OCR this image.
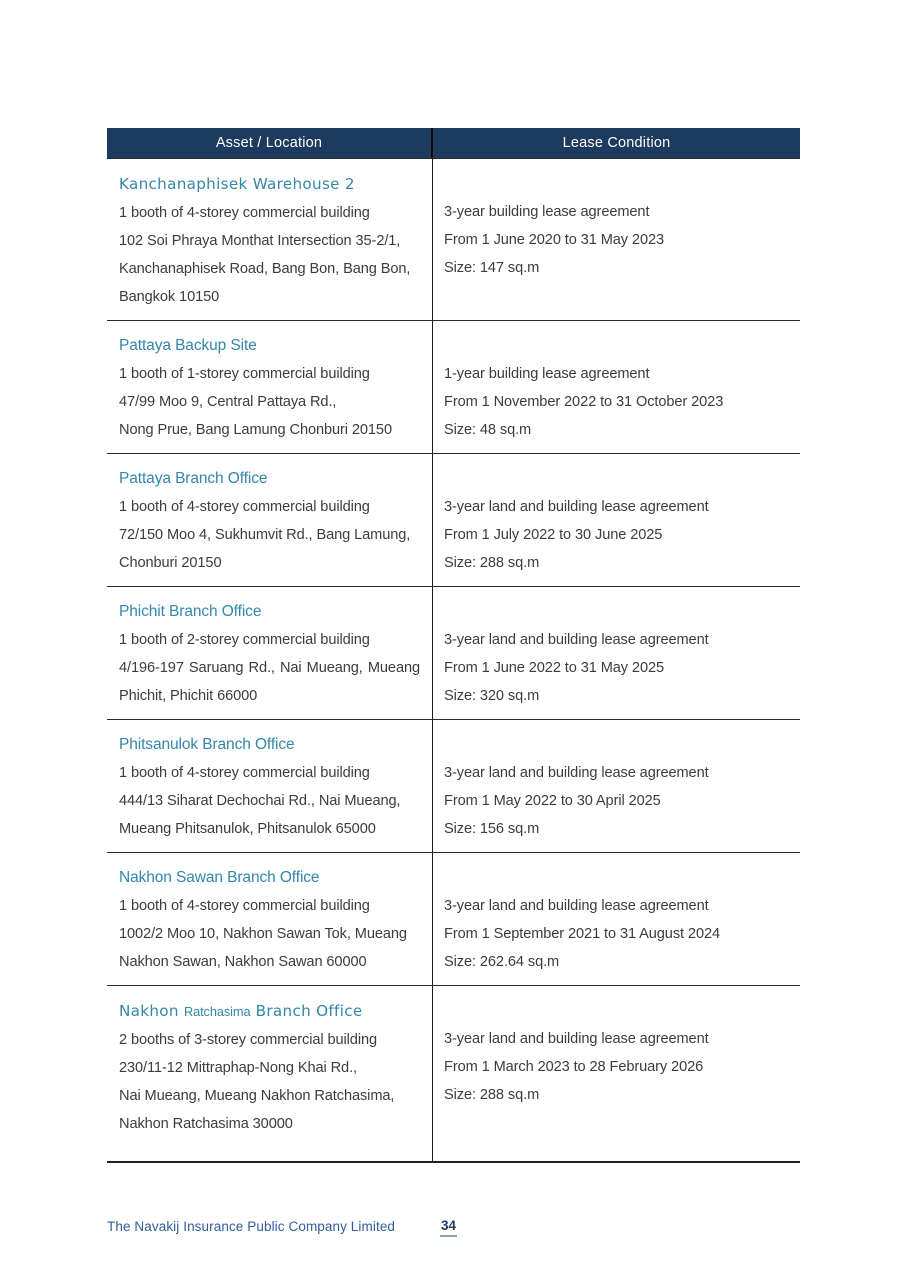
Asset / Location	Lease Condition
Kanchanaphisek Warehouse 2
1 booth of 4-storey commercial building
102 Soi Phraya Monthat Intersection 35-2/1,
Kanchanaphisek Road, Bang Bon, Bang Bon,
Bangkok 10150
3-year building lease agreement
From 1 June 2020 to 31 May 2023
Size: 147 sq.m
Pattaya Backup Site
1 booth of 1-storey commercial building
47/99 Moo 9, Central Pattaya Rd.,
Nong Prue, Bang Lamung Chonburi 20150
1-year building lease agreement
From 1 November 2022 to 31 October 2023
Size: 48 sq.m
Pattaya Branch Office
1 booth of 4-storey commercial building
72/150 Moo 4, Sukhumvit Rd., Bang Lamung,
Chonburi 20150
3-year land and building lease agreement
From 1 July 2022 to 30 June 2025
Size: 288 sq.m
Phichit Branch Office
1 booth of 2-storey commercial building
4/196-197 Saruang Rd., Nai Mueang, Mueang
Phichit, Phichit 66000
3-year land and building lease agreement
From 1 June 2022 to 31 May 2025
Size: 320 sq.m
Phitsanulok Branch Office
1 booth of 4-storey commercial building
444/13 Siharat Dechochai Rd., Nai Mueang,
Mueang Phitsanulok, Phitsanulok 65000
3-year land and building lease agreement
From 1 May 2022 to 30 April 2025
Size: 156 sq.m
Nakhon Sawan Branch Office
1 booth of 4-storey commercial building
1002/2 Moo 10, Nakhon Sawan Tok, Mueang
Nakhon Sawan, Nakhon Sawan 60000
3-year land and building lease agreement
From 1 September 2021 to 31 August 2024
Size: 262.64 sq.m
Nakhon Ratchasima Branch Office
2 booths of 3-storey commercial building
230/11-12 Mittraphap-Nong Khai Rd.,
Nai Mueang, Mueang Nakhon Ratchasima,
Nakhon Ratchasima 30000
3-year land and building lease agreement
From 1 March 2023 to 28 February 2026
Size: 288 sq.m
The Navakij Insurance Public Company Limited	34
